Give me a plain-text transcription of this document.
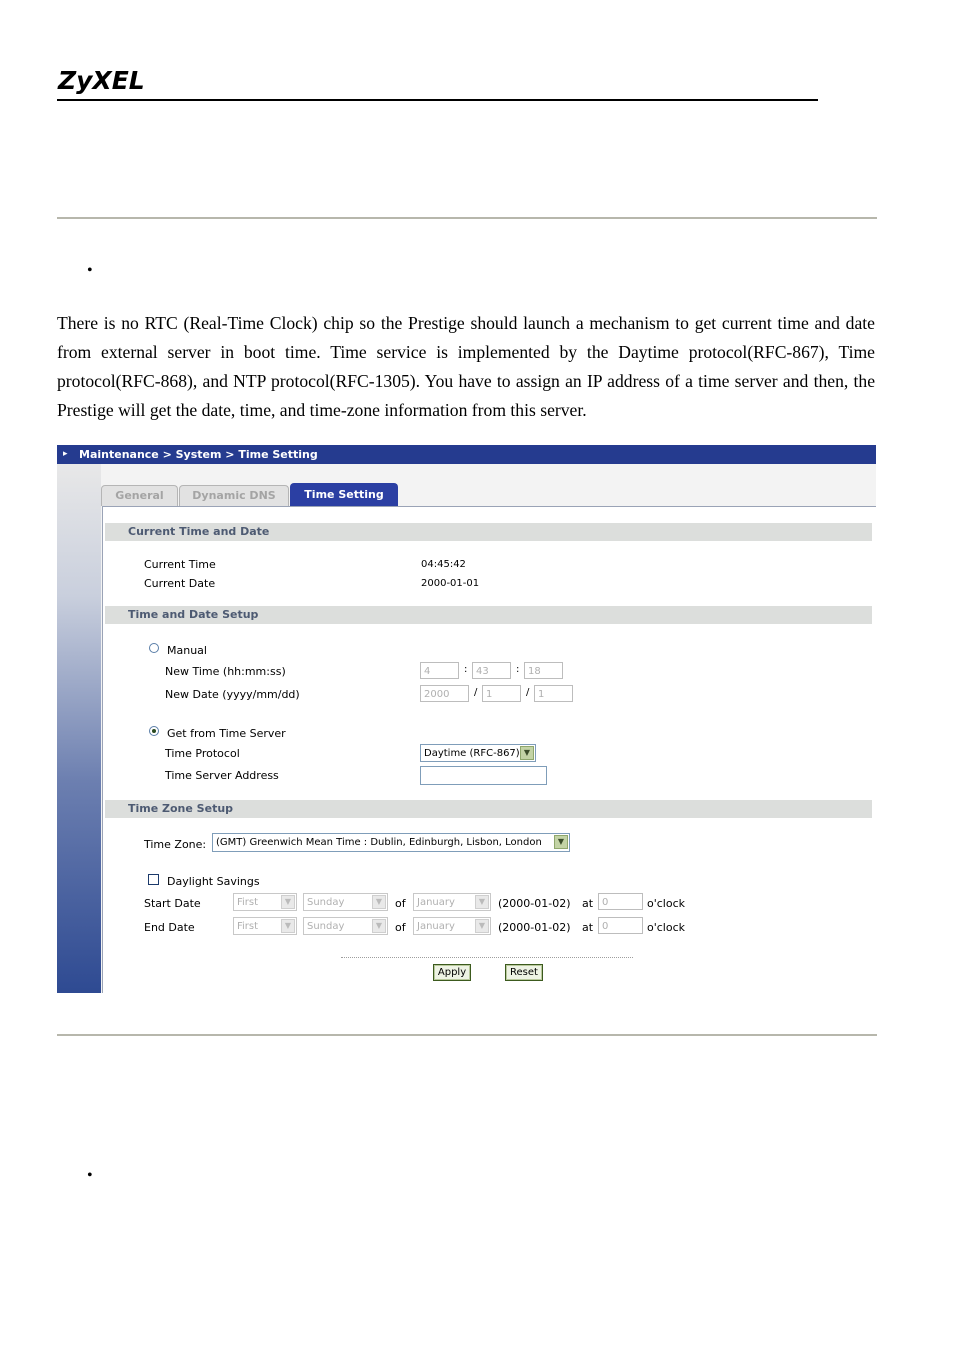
ZyXEL
•
There is no RTC (Real-Time Clock) chip so the Prestige should launch a mechanism to get current time and date from external server in boot time. Time service is implemented by the Daytime protocol(RFC-867), Time protocol(RFC-868), and NTP protocol(RFC-1305). You have to assign an IP address of a time server and then, the Prestige will get the date, time, and time-zone information from this server.
▸ Maintenance > System > Time Setting
General	Dynamic DNS	Time Setting
Current Time and Date
Current Time	04:45:42
Current Date	2000-01-01
Time and Date Setup
Manual
New Time (hh:mm:ss)	4	: 43	: 18
New Date (yyyy/mm/dd)	2000	/ 1	/ 1
Get from Time Server
Time Protocol	Daytime (RFC-867) ▼
Time Server Address
Time Zone Setup
Time Zone: (GMT) Greenwich Mean Time : Dublin, Edinburgh, Lisbon, London	▼
Daylight Savings
Start Date	First	▼	Sunday	▼	of	January	▼	(2000-01-02) at 0	o'clock
End Date	First	▼	Sunday	▼	of	January	▼	(2000-01-02) at 0	o'clock
Apply	Reset
•
